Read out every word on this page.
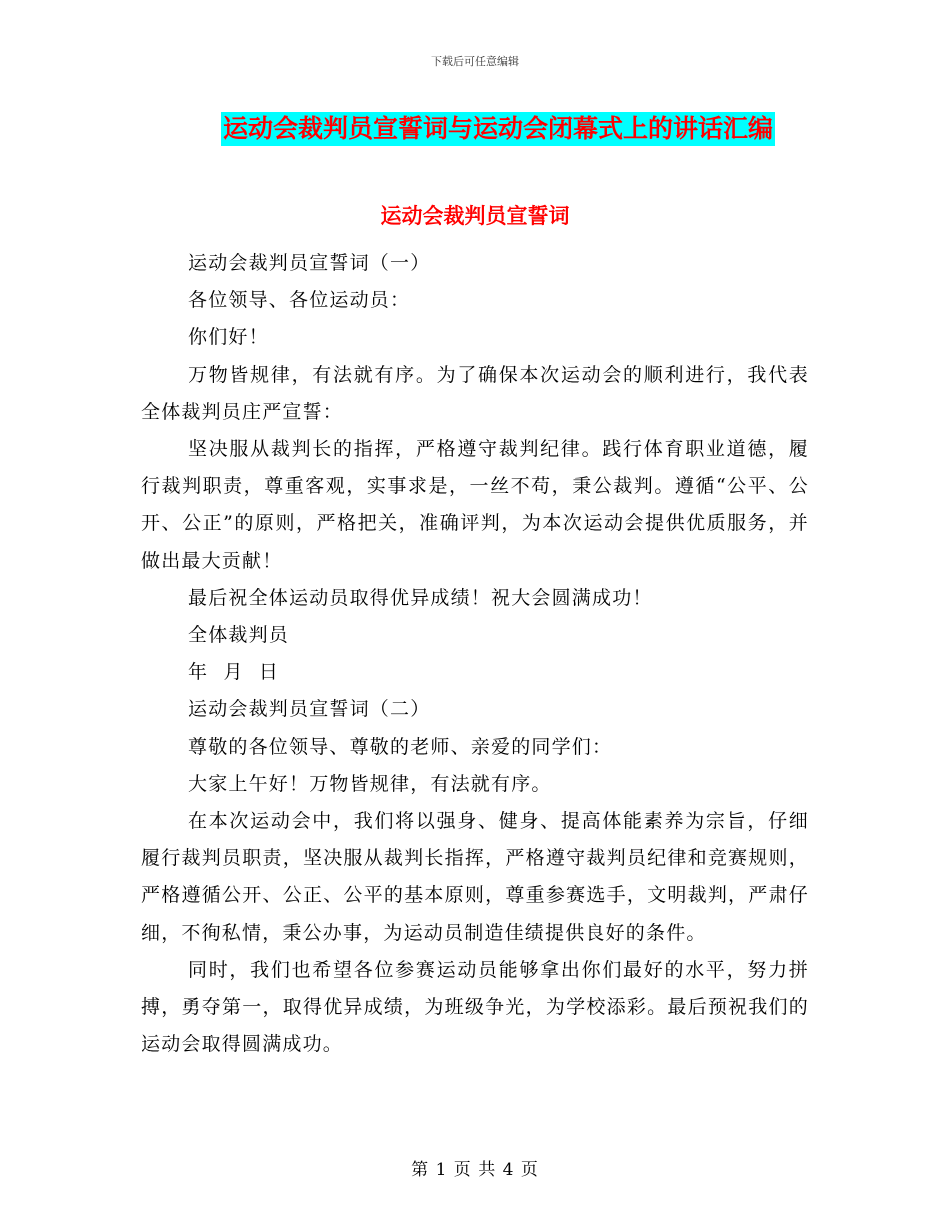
下载后可任意编辑
运动会裁判员宣誓词与运动会闭幕式上的讲话汇编
运动会裁判员宣誓词

运动会裁判员宣誓词（一）

各位领导、各位运动员：

你们好！

万物皆规律，有法就有序。为了确保本次运动会的顺利进行，我代表全体裁判员庄严宣誓：

坚决服从裁判长的指挥，严格遵守裁判纪律。践行体育职业道德，履行裁判职责，尊重客观，实事求是，一丝不苟，秉公裁判。遵循“公平、公开、公正”的原则，严格把关，准确评判，为本次运动会提供优质服务，并做出最大贡献！

最后祝全体运动员取得优异成绩！祝大会圆满成功！

全体裁判员

年 月 日

运动会裁判员宣誓词（二）

尊敬的各位领导、尊敬的老师、亲爱的同学们：

大家上午好！万物皆规律，有法就有序。

在本次运动会中，我们将以强身、健身、提高体能素养为宗旨，仔细履行裁判员职责，坚决服从裁判长指挥，严格遵守裁判员纪律和竞赛规则，严格遵循公开、公正、公平的基本原则，尊重参赛选手，文明裁判，严肃仔细，不徇私情，秉公办事，为运动员制造佳绩提供良好的条件。

同时，我们也希望各位参赛运动员能够拿出你们最好的水平，努力拼搏，勇夺第一，取得优异成绩，为班级争光，为学校添彩。最后预祝我们的运动会取得圆满成功。

第 1 页 共 4 页
